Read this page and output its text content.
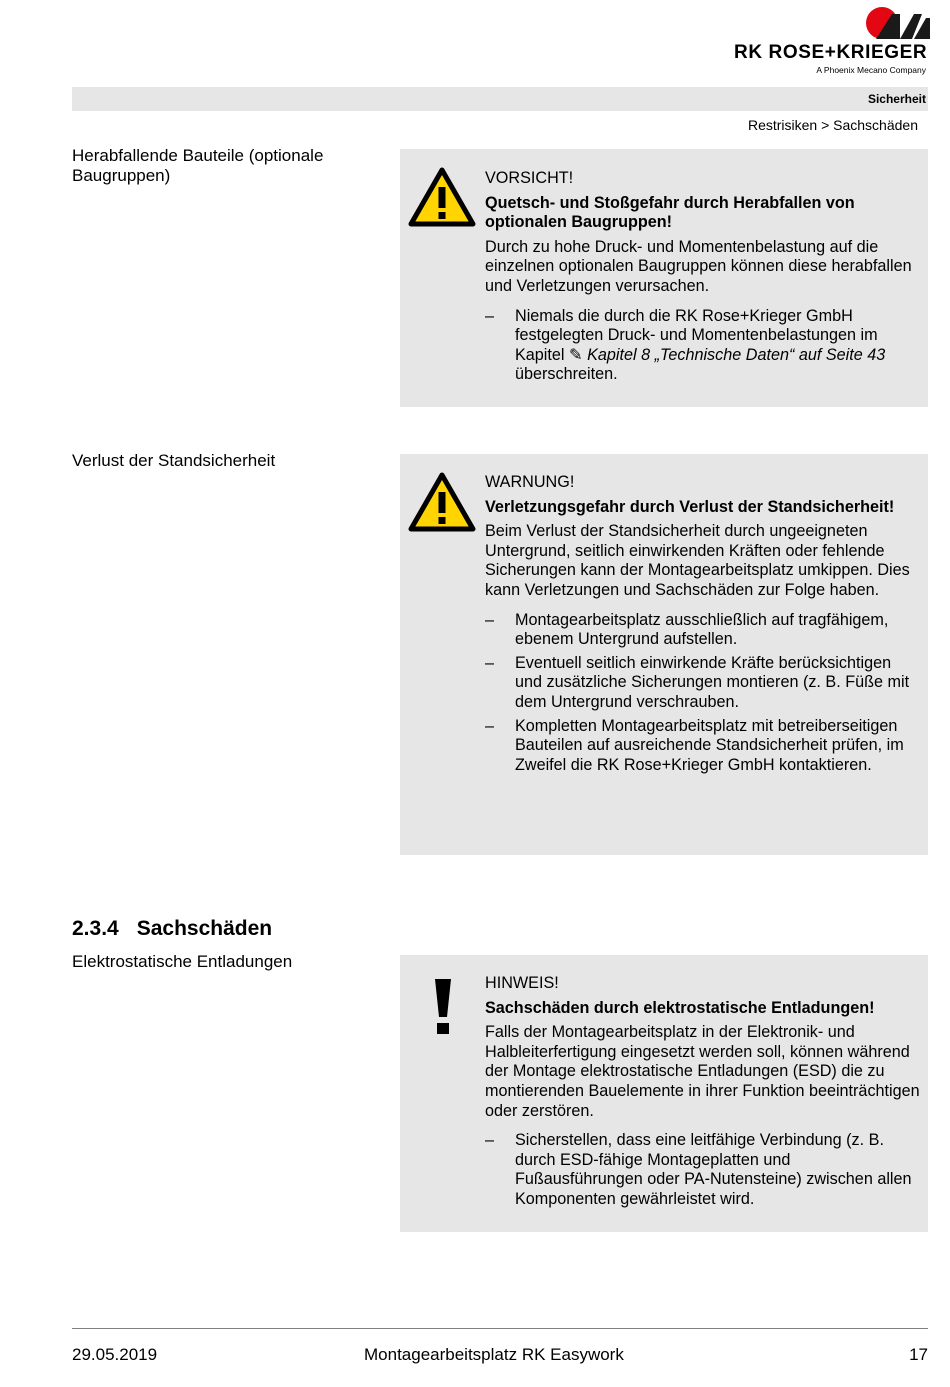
RK ROSE+KRIEGER
A Phoenix Mecano Company
Sicherheit
Restrisiken > Sachschäden
Herabfallende Bauteile (optionale Baugruppen)	VORSICHT!

Quetsch- und Stoßgefahr durch Herabfallen von optionalen Baugruppen!

Durch zu hohe Druck- und Momentenbelastung auf die einzelnen optionalen Baugruppen können diese herabfallen und Verletzungen verursachen.

– Niemals die durch die RK Rose+Krieger GmbH festgelegten Druck- und Momentenbelastungen im Kapitel ✎ Kapitel 8 „Technische Daten“ auf Seite 43 überschreiten.
Verlust der Standsicherheit

WARNUNG!

Verletzungsgefahr durch Verlust der Standsicherheit!

Beim Verlust der Standsicherheit durch ungeeigneten Untergrund, seitlich einwirkenden Kräften oder fehlende Sicherungen kann der Montagearbeitsplatz umkippen. Dies kann Verletzungen und Sachschäden zur Folge haben.

– Montagearbeitsplatz ausschließlich auf tragfähigem, ebenem Untergrund aufstellen.
– Eventuell seitlich einwirkende Kräfte berücksichtigen und zusätzliche Sicherungen montieren (z. B. Füße mit dem Untergrund verschrauben.
– Kompletten Montagearbeitsplatz mit betreiberseitigen Bauteilen auf ausreichende Standsicherheit prüfen, im Zweifel die RK Rose+Krieger GmbH kontaktieren.
2.3.4 Sachschäden
Elektrostatische Entladungen

HINWEIS!

Sachschäden durch elektrostatische Entladungen!

Falls der Montagearbeitsplatz in der Elektronik- und Halbleiterfertigung eingesetzt werden soll, können während der Montage elektrostatische Entladungen (ESD) die zu montierenden Bauelemente in ihrer Funktion beeinträchtigen oder zerstören.

– Sicherstellen, dass eine leitfähige Verbindung (z. B. durch ESD-fähige Montageplatten und Fußausführungen oder PA-Nutensteine) zwischen allen Komponenten gewährleistet wird.
29.05.2019	Montagearbeitsplatz RK Easywork	17
